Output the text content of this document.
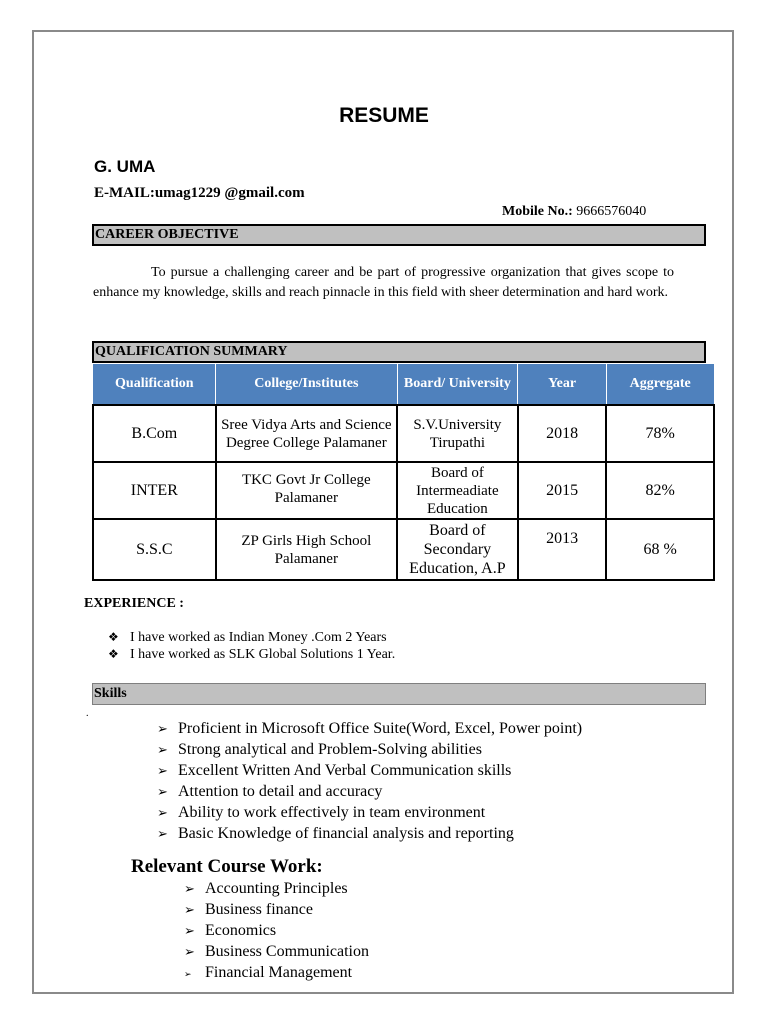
RESUME
G. UMA
E-MAIL:umag1229 @gmail.com
Mobile No.: 9666576040
CAREER OBJECTIVE
To pursue a challenging career and be part of progressive organization that gives scope to enhance my knowledge, skills and reach pinnacle in this field with sheer determination and hard work.
QUALIFICATION SUMMARY
Qualification	College/Institutes	Board/ University	Year	Aggregate
B.Com	Sree Vidya Arts and Science Degree College Palamaner	S.V.University Tirupathi	2018	78%
INTER	TKC Govt Jr College Palamaner	Board of Intermeadiate Education	2015	82%
S.S.C	ZP Girls High School Palamaner	Board of Secondary Education, A.P	2013	68 %
EXPERIENCE :
❖ I have worked as Indian Money .Com 2 Years
❖ I have worked as SLK Global Solutions 1 Year.
Skills
.
➢ Proficient in Microsoft Office Suite(Word, Excel, Power point)
➢ Strong analytical and Problem-Solving abilities
➢ Excellent Written And Verbal Communication skills
➢ Attention to detail and accuracy
➢ Ability to work effectively in team environment
➢ Basic Knowledge of financial analysis and reporting
Relevant Course Work:
➢ Accounting Principles
➢ Business finance
➢ Economics
➢ Business Communication
➢ Financial Management
